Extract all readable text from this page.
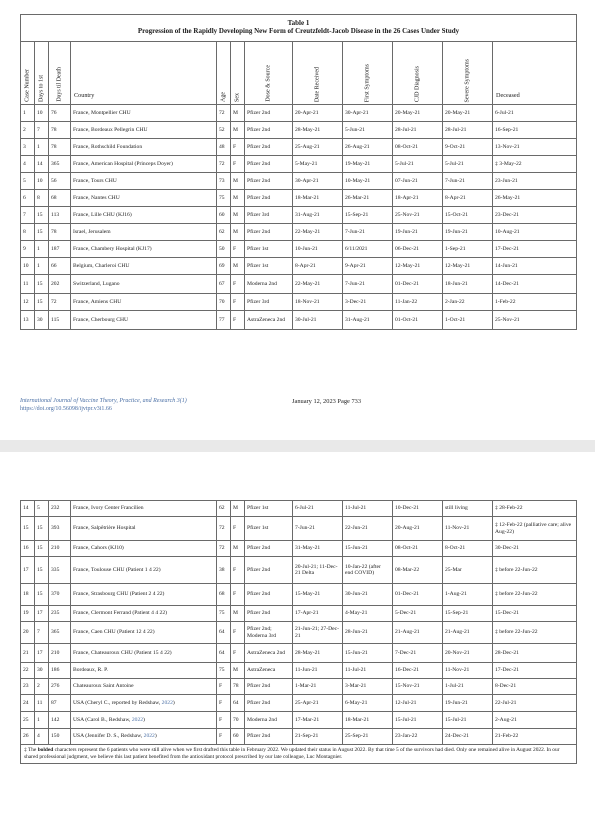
Table 1
Progression of the Rapidly Developing New Form of Creutzfeldt-Jacob Disease in the 26 Cases Under Study											

Case Number	Days to 1st	Days til Death	Country	Age	Sex	Dose & Source	Date Received	First Symptoms	CJD Diagnosis	Severe Symptoms	Deceased

1	10	76	France, Montpellier CHU	72	M	Pfizer 2nd	20-Apr-21	30-Apr-21	20-May-21	20-May-21	6-Jul-21
2	7	78	France, Bordeaux Pellegrin CHU	52	M	Pfizer 2nd	28-May-21	5-Jun-21	28-Jul-21	28-Jul-21	16-Sep-21
3	1	78	France, Rothschild Foundation	48	F	Pfizer 2nd	25-Aug-21	26-Aug-21	08-Oct-21	9-Oct-21	13-Nov-21
4	14	365	France, American Hospital (Princeps Doyer)	72	F	Pfizer 2nd	5-May-21	19-May-21	5-Jul-21	5-Jul-21	‡ 3-May-22
5	10	56	France, Tours CHU	73	M	Pfizer 2nd	30-Apr-21	10-May-21	07-Jun-21	7-Jun-21	23-Jun-21
6	8	68	France, Nantes CHU	75	M	Pfizer 2nd	18-Mar-21	26-Mar-21	18-Apr-21	8-Apr-21	26-May-21
7	15	113	France, Lille CHU (KJ16)	60	M	Pfizer 3rd	31-Aug-21	15-Sep-21	25-Nov-21	15-Oct-21	23-Dec-21
8	15	78	Israel, Jerusalem	62	M	Pfizer 2nd	22-May-21	7-Jun-21	19-Jun-21	19-Jun-21	10-Aug-21
9	1	187	France, Chambery Hospital (KJ17)	50	F	Pfizer 1st	10-Jun-21	6/11/2021	06-Dec-21	1-Sep-21	17-Dec-21
10	1	66	Belgium, Charleroi CHU	69	M	Pfizer 1st	8-Apr-21	9-Apr-21	12-May-21	12-May-21	14-Jun-21
11	15	202	Switzerland, Lugano	67	F	Moderna 2nd	22-May-21	7-Jun-21	01-Dec-21	18-Jun-21	14-Dec-21
12	15	72	France, Amiens CHU	70	F	Pfizer 3rd	18-Nov-21	3-Dec-21	11-Jan-22	2-Jan-22	1-Feb-22
13	30	115	France, Cherbourg CHU	77	F	AstraZeneca 2nd	30-Jul-21	31-Aug-21	01-Oct-21	1-Oct-21	25-Nov-21
International Journal of Vaccine Theory, Practice, and Research 3(1)
https://doi.org/10.56098/ijvtpr.v3i1.66
January 12, 2023 Page 733
14	5	232	France, Ivory Center Francilien	62	M	Pfizer 1st	6-Jul-21	11-Jul-21	10-Dec-21	still living	‡ 28-Feb-22
15	15	393	France, Salpêtrière Hospital	72	F	Pfizer 1st	7-Jun-21	22-Jun-21	20-Aug-21	11-Nov-21	‡ 12-Feb-22 (palliative care; alive Aug-22)
16	15	210	France, Cahors (KJ10)	72	M	Pfizer 2nd	31-May-21	15-Jun-21	08-Oct-21	8-Oct-21	30-Dec-21
17	15	335	France, Toulouse CHU (Patient 1 4 22)	38	F	Pfizer 2nd	20-Jul-21; 11-Dec-21 Delta	10-Jan-22 (after end COVID)	08-Mar-22	25-Mar	‡ before 22-Jun-22
18	15	370	France, Strasbourg CHU (Patient 2 4 22)	68	F	Pfizer 2nd	15-May-21	30-Jun-21	01-Dec-21	1-Aug-21	‡ before 22-Jun-22
19	17	235	France, Clermont Ferrand (Patient 4 4 22)	75	M	Pfizer 2nd	17-Apr-21	4-May-21	5-Dec-21	15-Sep-21	15-Dec-21
20	7	365	France, Caen CHU (Patient 12 4 22)	64	F	Pfizer 2nd; Moderna 3rd	21-Jun-21; 27-Dec-21	28-Jun-21	21-Aug-21	21-Aug-21	‡ before 22-Jun-22
21	17	210	France, Chateauroux CHU (Patient 15 4 22)	64	F	AstraZeneca 2nd	28-May-21	15-Jun-21	7-Dec-21	20-Nov-21	28-Dec-21
22	30	186	Bordeaux, R. P.	75	M	AstraZeneca	11-Jun-21	11-Jul-21	16-Dec-21	11-Nov-21	17-Dec-21
23	2	276	Chateauroux Saint Antoine	F	78	Pfizer 2nd	1-Mar-21	3-Mar-21	15-Nov-21	1-Jul-21	8-Dec-21
24	11	87	USA (Cheryl C., reported by Redshaw, 2022)	F	64	Pfizer 2nd	25-Apr-21	6-May-21	12-Jul-21	19-Jun-21	22-Jul-21
25	1	142	USA (Carol B., Redshaw, 2022)	F	70	Moderna 2nd	17-Mar-21	18-Mar-21	15-Jul-21	15-Jul-21	2-Aug-21
26	4	150	USA (Jennifer D. S., Redshaw, 2022)	F	60	Pfizer 2nd	21-Sep-21	25-Sep-21	23-Jan-22	24-Dec-21	21-Feb-22
‡ The bolded characters represent the 6 patients who were still alive when we first drafted this table in February 2022. We updated their status in August 2022. By that time 5 of the survivors had died. Only one remained alive in August 2022. In our shared professional judgment, we believe this last patient benefited from the antioxidant protocol prescribed by our late colleague, Luc Montagnier.											
